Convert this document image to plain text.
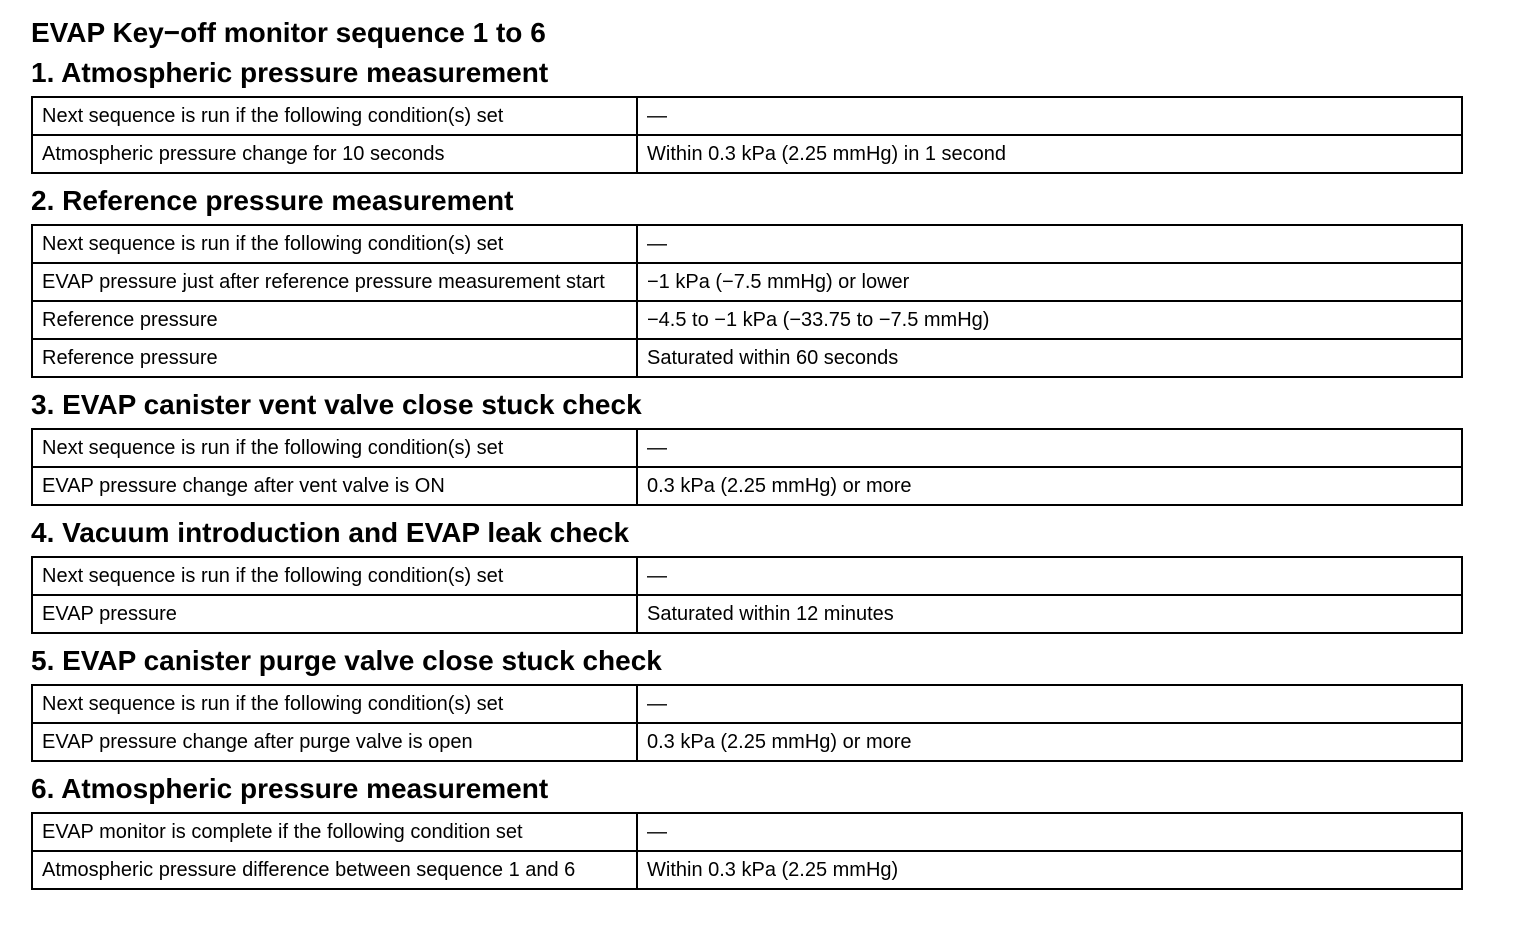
EVAP Key−off monitor sequence 1 to 6
1. Atmospheric pressure measurement
Next sequence is run if the following condition(s) set	—
Atmospheric pressure change for 10 seconds	Within 0.3 kPa (2.25 mmHg) in 1 second
2. Reference pressure measurement
Next sequence is run if the following condition(s) set	—
EVAP pressure just after reference pressure measurement start	−1 kPa (−7.5 mmHg) or lower
Reference pressure	−4.5 to −1 kPa (−33.75 to −7.5 mmHg)
Reference pressure	Saturated within 60 seconds
3. EVAP canister vent valve close stuck check
Next sequence is run if the following condition(s) set	—
EVAP pressure change after vent valve is ON	0.3 kPa (2.25 mmHg) or more
4. Vacuum introduction and EVAP leak check
Next sequence is run if the following condition(s) set	—
EVAP pressure	Saturated within 12 minutes
5. EVAP canister purge valve close stuck check
Next sequence is run if the following condition(s) set	—
EVAP pressure change after purge valve is open	0.3 kPa (2.25 mmHg) or more
6. Atmospheric pressure measurement
EVAP monitor is complete if the following condition set	—
Atmospheric pressure difference between sequence 1 and 6	Within 0.3 kPa (2.25 mmHg)
